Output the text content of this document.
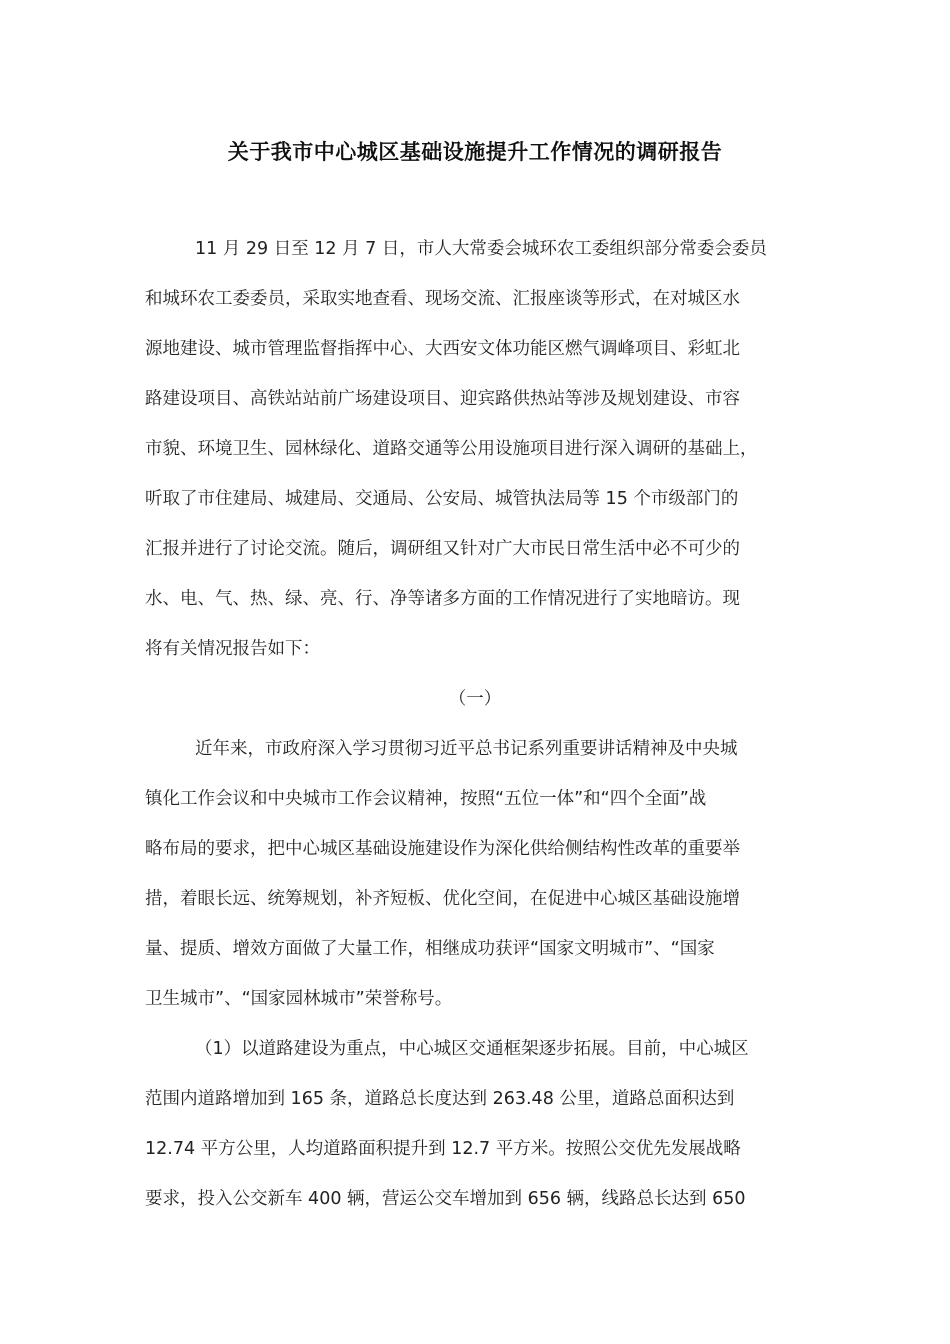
关于我市中心城区基础设施提升工作情况的调研报告
11 月 29 日至 12 月 7 日，市人大常委会城环农工委组织部分常委会委员
和城环农工委委员，采取实地查看、现场交流、汇报座谈等形式，在对城区水
源地建设、城市管理监督指挥中心、大西安文体功能区燃气调峰项目、彩虹北
路建设项目、高铁站站前广场建设项目、迎宾路供热站等涉及规划建设、市容
市貌、环境卫生、园林绿化、道路交通等公用设施项目进行深入调研的基础上，
听取了市住建局、城建局、交通局、公安局、城管执法局等 15 个市级部门的
汇报并进行了讨论交流。随后，调研组又针对广大市民日常生活中必不可少的
水、电、气、热、绿、亮、行、净等诸多方面的工作情况进行了实地暗访。现
将有关情况报告如下：
（一）
近年来，市政府深入学习贯彻习近平总书记系列重要讲话精神及中央城
镇化工作会议和中央城市工作会议精神，按照“五位一体”和“四个全面”战
略布局的要求，把中心城区基础设施建设作为深化供给侧结构性改革的重要举
措，着眼长远、统筹规划，补齐短板、优化空间，在促进中心城区基础设施增
量、提质、增效方面做了大量工作，相继成功获评“国家文明城市”、“国家
卫生城市”、“国家园林城市”荣誉称号。
（1）以道路建设为重点，中心城区交通框架逐步拓展。目前，中心城区
范围内道路增加到 165 条，道路总长度达到 263.48 公里，道路总面积达到
12.74 平方公里，人均道路面积提升到 12.7 平方米。按照公交优先发展战略
要求，投入公交新车 400 辆，营运公交车增加到 656 辆，线路总长达到 650
